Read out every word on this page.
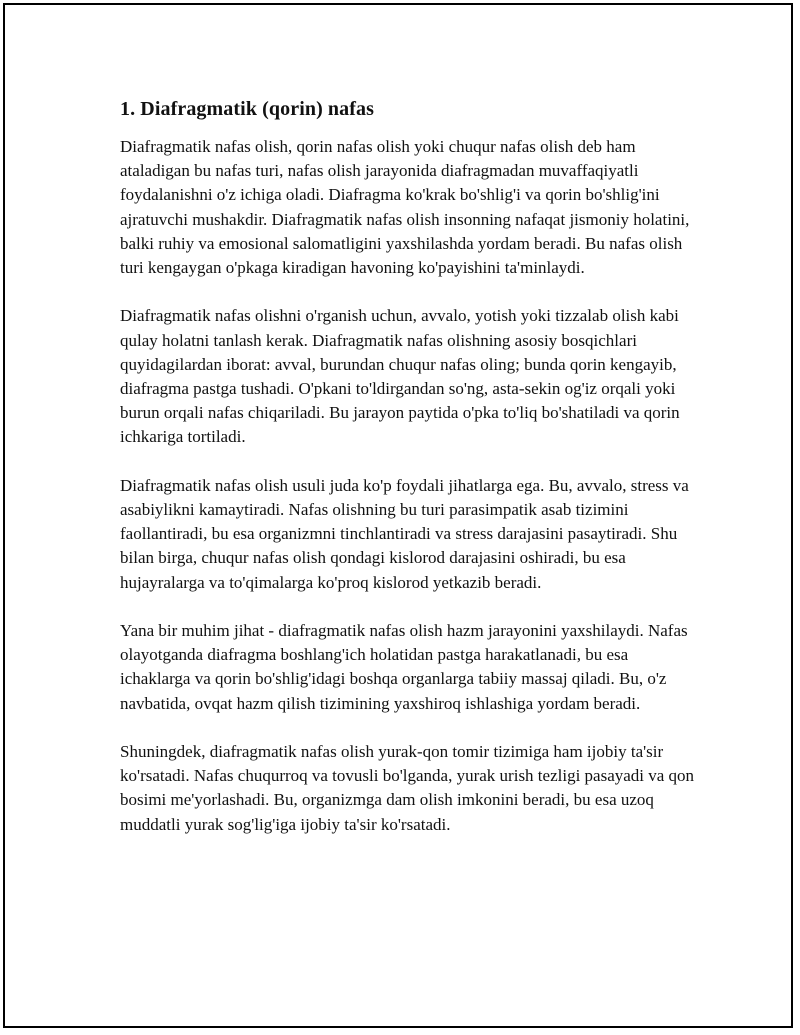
1. Diafragmatik (qorin) nafas

Diafragmatik nafas olish, qorin nafas olish yoki chuqur nafas olish deb ham ataladigan bu nafas turi, nafas olish jarayonida diafragmadan muvaffaqiyatli foydalanishni o'z ichiga oladi. Diafragma ko'krak bo'shlig'i va qorin bo'shlig'ini ajratuvchi mushakdir. Diafragmatik nafas olish insonning nafaqat jismoniy holatini, balki ruhiy va emosional salomatligini yaxshilashda yordam beradi. Bu nafas olish turi kengaygan o'pkaga kiradigan havoning ko'payishini ta'minlaydi.

Diafragmatik nafas olishni o'rganish uchun, avvalo, yotish yoki tizzalab olish kabi qulay holatni tanlash kerak. Diafragmatik nafas olishning asosiy bosqichlari quyidagilardan iborat: avval, burundan chuqur nafas oling; bunda qorin kengayib, diafragma pastga tushadi. O'pkani to'ldirgandan so'ng, asta-sekin og'iz orqali yoki burun orqali nafas chiqariladi. Bu jarayon paytida o'pka to'liq bo'shatiladi va qorin ichkariga tortiladi.

Diafragmatik nafas olish usuli juda ko'p foydali jihatlarga ega. Bu, avvalo, stress va asabiylikni kamaytiradi. Nafas olishning bu turi parasimpatik asab tizimini faollantiradi, bu esa organizmni tinchlantiradi va stress darajasini pasaytiradi. Shu bilan birga, chuqur nafas olish qondagi kislorod darajasini oshiradi, bu esa hujayralarga va to'qimalarga ko'proq kislorod yetkazib beradi.

Yana bir muhim jihat - diafragmatik nafas olish hazm jarayonini yaxshilaydi. Nafas olayotganda diafragma boshlang'ich holatidan pastga harakatlanadi, bu esa ichaklarga va qorin bo'shlig'idagi boshqa organlarga tabiiy massaj qiladi. Bu, o'z navbatida, ovqat hazm qilish tizimining yaxshiroq ishlashiga yordam beradi.

Shuningdek, diafragmatik nafas olish yurak-qon tomir tizimiga ham ijobiy ta'sir ko'rsatadi. Nafas chuqurroq va tovusli bo'lganda, yurak urish tezligi pasayadi va qon bosimi me'yorlashadi. Bu, organizmga dam olish imkonini beradi, bu esa uzoq muddatli yurak sog'lig'iga ijobiy ta'sir ko'rsatadi.
